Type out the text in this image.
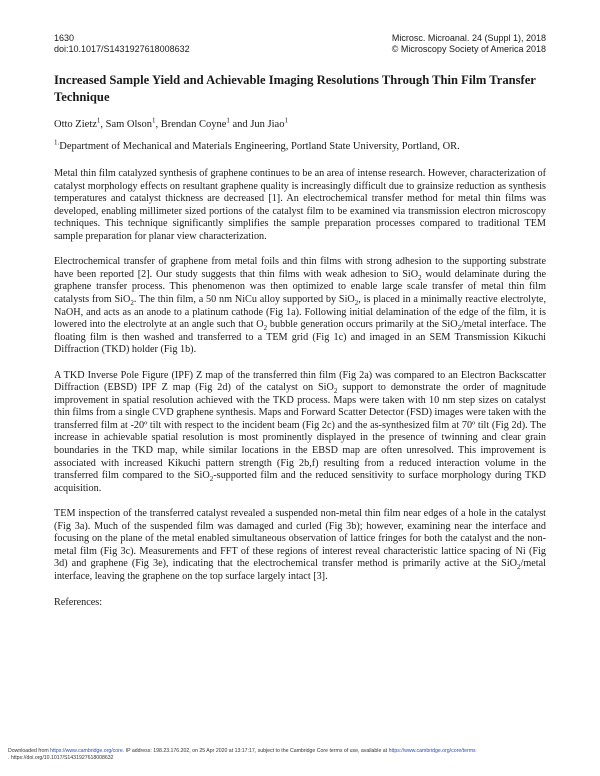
1630
doi:10.1017/S1431927618008632
Microsc. Microanal. 24 (Suppl 1), 2018
© Microscopy Society of America 2018
Increased Sample Yield and Achievable Imaging Resolutions Through Thin Film Transfer Technique
Otto Zietz$^1$, Sam Olson$^1$, Brendan Coyne$^1$ and Jun Jiao$^1$
$^{1.}$Department of Mechanical and Materials Engineering, Portland State University, Portland, OR.

Metal thin film catalyzed synthesis of graphene continues to be an area of intense research. However, characterization of catalyst morphology effects on resultant graphene quality is increasingly difficult due to grainsize reduction as synthesis temperatures and catalyst thickness are decreased [1]. An electrochemical transfer method for metal thin films was developed, enabling millimeter sized portions of the catalyst film to be examined via transmission electron microscopy techniques. This technique significantly simplifies the sample preparation processes compared to traditional TEM sample preparation for planar view characterization.

Electrochemical transfer of graphene from metal foils and thin films with strong adhesion to the supporting substrate have been reported [2]. Our study suggests that thin films with weak adhesion to SiO$_2$ would delaminate during the graphene transfer process. This phenomenon was then optimized to enable large scale transfer of metal thin film catalysts from SiO$_2$. The thin film, a 50 nm NiCu alloy supported by SiO$_2$, is placed in a minimally reactive electrolyte, NaOH, and acts as an anode to a platinum cathode (Fig 1a). Following initial delamination of the edge of the film, it is lowered into the electrolyte at an angle such that $O_2$ bubble generation occurs primarily at the SiO$_2$/metal interface. The floating film is then washed and transferred to a TEM grid (Fig 1c) and imaged in an SEM Transmission Kikuchi Diffraction (TKD) holder (Fig 1b).

A TKD Inverse Pole Figure (IPF) Z map of the transferred thin film (Fig 2a) was compared to an Electron Backscatter Diffraction (EBSD) IPF Z map (Fig 2d) of the catalyst on SiO$_2$ support to demonstrate the order of magnitude improvement in spatial resolution achieved with the TKD process. Maps were taken with 10 nm step sizes on catalyst thin films from a single CVD graphene synthesis. Maps and Forward Scatter Detector (FSD) images were taken with the transferred film at -20º tilt with respect to the incident beam (Fig 2c) and the as-synthesized film at 70º tilt (Fig 2d). The increase in achievable spatial resolution is most prominently displayed in the presence of twinning and clear grain boundaries in the TKD map, while similar locations in the EBSD map are often unresolved. This improvement is associated with increased Kikuchi pattern strength (Fig 2b,f) resulting from a reduced interaction volume in the transferred film compared to the SiO$_2$-supported film and the reduced sensitivity to surface morphology during TKD acquisition.

TEM inspection of the transferred catalyst revealed a suspended non-metal thin film near edges of a hole in the catalyst (Fig 3a). Much of the suspended film was damaged and curled (Fig 3b); however, examining near the interface and focusing on the plane of the metal enabled simultaneous observation of lattice fringes for both the catalyst and the non-metal film (Fig 3c). Measurements and FFT of these regions of interest reveal characteristic lattice spacing of Ni (Fig 3d) and graphene (Fig 3e), indicating that the electrochemical transfer method is primarily active at the SiO$_2$/metal interface, leaving the graphene on the top surface largely intact [3].

References:
Downloaded from https://www.cambridge.org/core. IP address: 198.23.176.202, on 25 Apr 2020 at 13:17:17, subject to the Cambridge Core terms of use, available at https://www.cambridge.org/core/terms
. https://doi.org/10.1017/S1431927618008632
